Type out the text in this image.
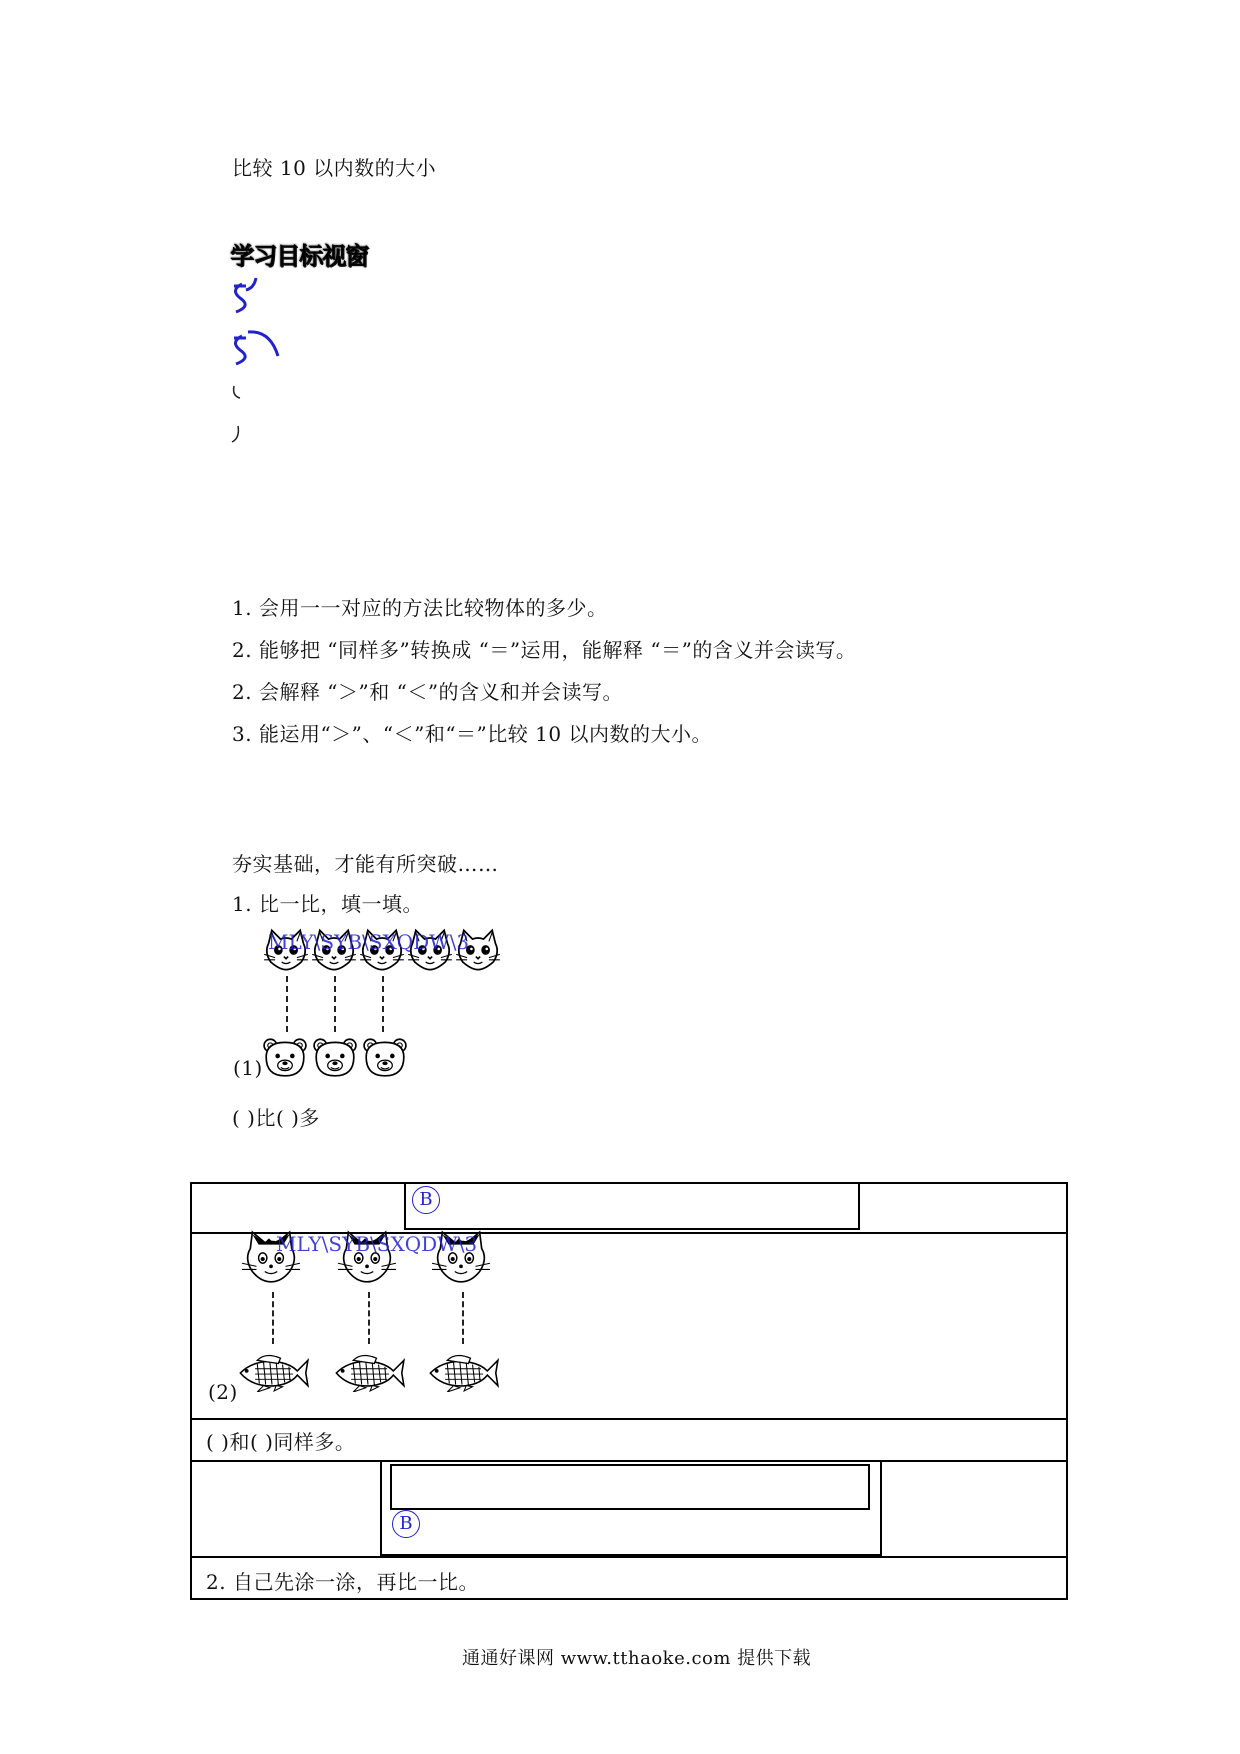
比较 10 以内数的大小
学习目标视窗
1. 会用一一对应的方法比较物体的多少。
2. 能够把 “同样多”转换成 “＝”运用，能解释 “＝”的含义并会读写。
2. 会解释 “＞”和 “＜”的含义和并会读写。
3. 能运用“＞”、“＜”和“＝”比较 10 以内数的大小。
夯实基础，才能有所突破……
1. 比一比，填一填。
MLY\SYB\SXQDW\3
(1)
( )比( )多
B
B
MLY\SYB\SXQDW\3
(2)
( )和( )同样多。
2. 自己先涂一涂，再比一比。
通通好课网 www.tthaoke.com 提供下载
